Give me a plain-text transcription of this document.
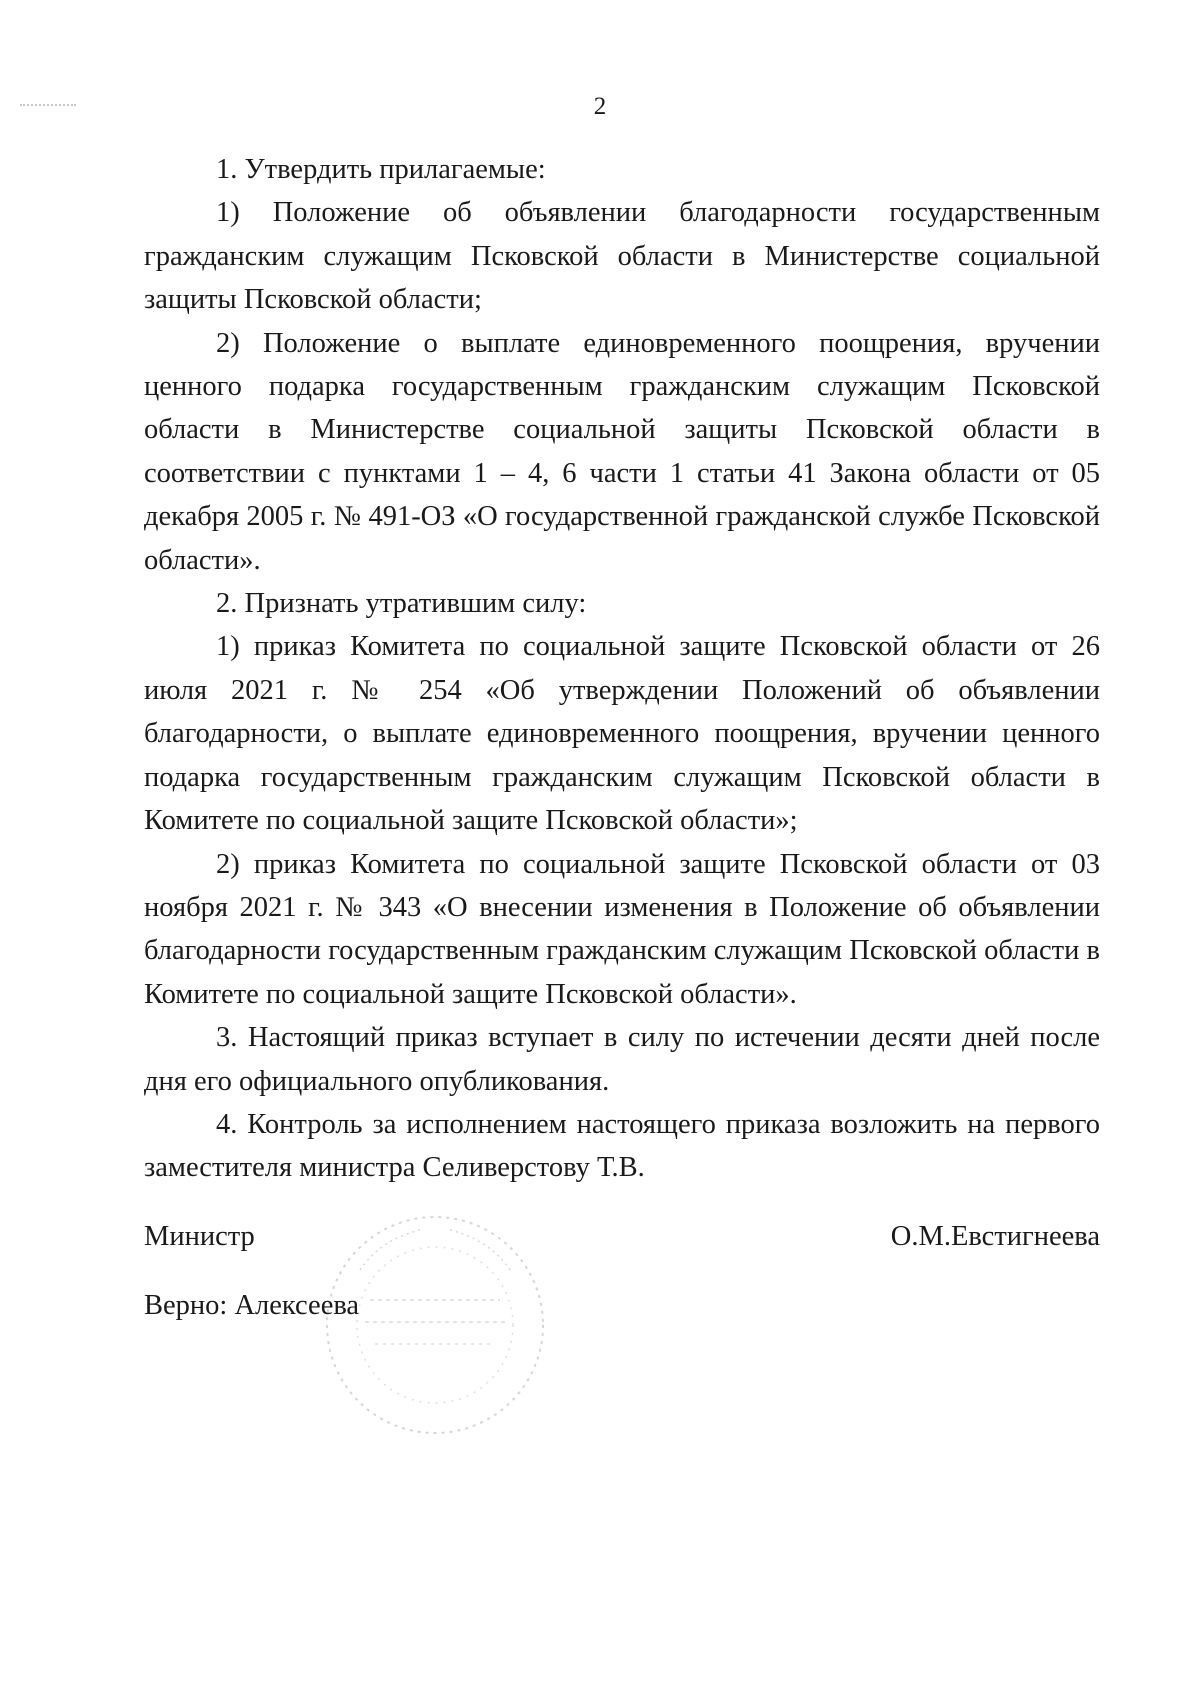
2

1. Утвердить прилагаемые:

1) Положение об объявлении благодарности государственным гражданским служащим Псковской области в Министерстве социальной защиты Псковской области;

2) Положение о выплате единовременного поощрения, вручении ценного подарка государственным гражданским служащим Псковской области в Министерстве социальной защиты Псковской области в соответствии с пунктами 1 – 4, 6 части 1 статьи 41 Закона области от 05 декабря 2005 г. № 491-ОЗ «О государственной гражданской службе Псковской области».

2. Признать утратившим силу:

1) приказ Комитета по социальной защите Псковской области от 26 июля 2021 г. № 254 «Об утверждении Положений об объявлении благодарности, о выплате единовременного поощрения, вручении ценного подарка государственным гражданским служащим Псковской области в Комитете по социальной защите Псковской области»;

2) приказ Комитета по социальной защите Псковской области от 03 ноября 2021 г. № 343 «О внесении изменения в Положение об объявлении благодарности государственным гражданским служащим Псковской области в Комитете по социальной защите Псковской области».

3. Настоящий приказ вступает в силу по истечении десяти дней после дня его официального опубликования.

4. Контроль за исполнением настоящего приказа возложить на первого заместителя министра Селиверстову Т.В.

Министр	О.М.Евстигнеева
Верно: Алексеева
